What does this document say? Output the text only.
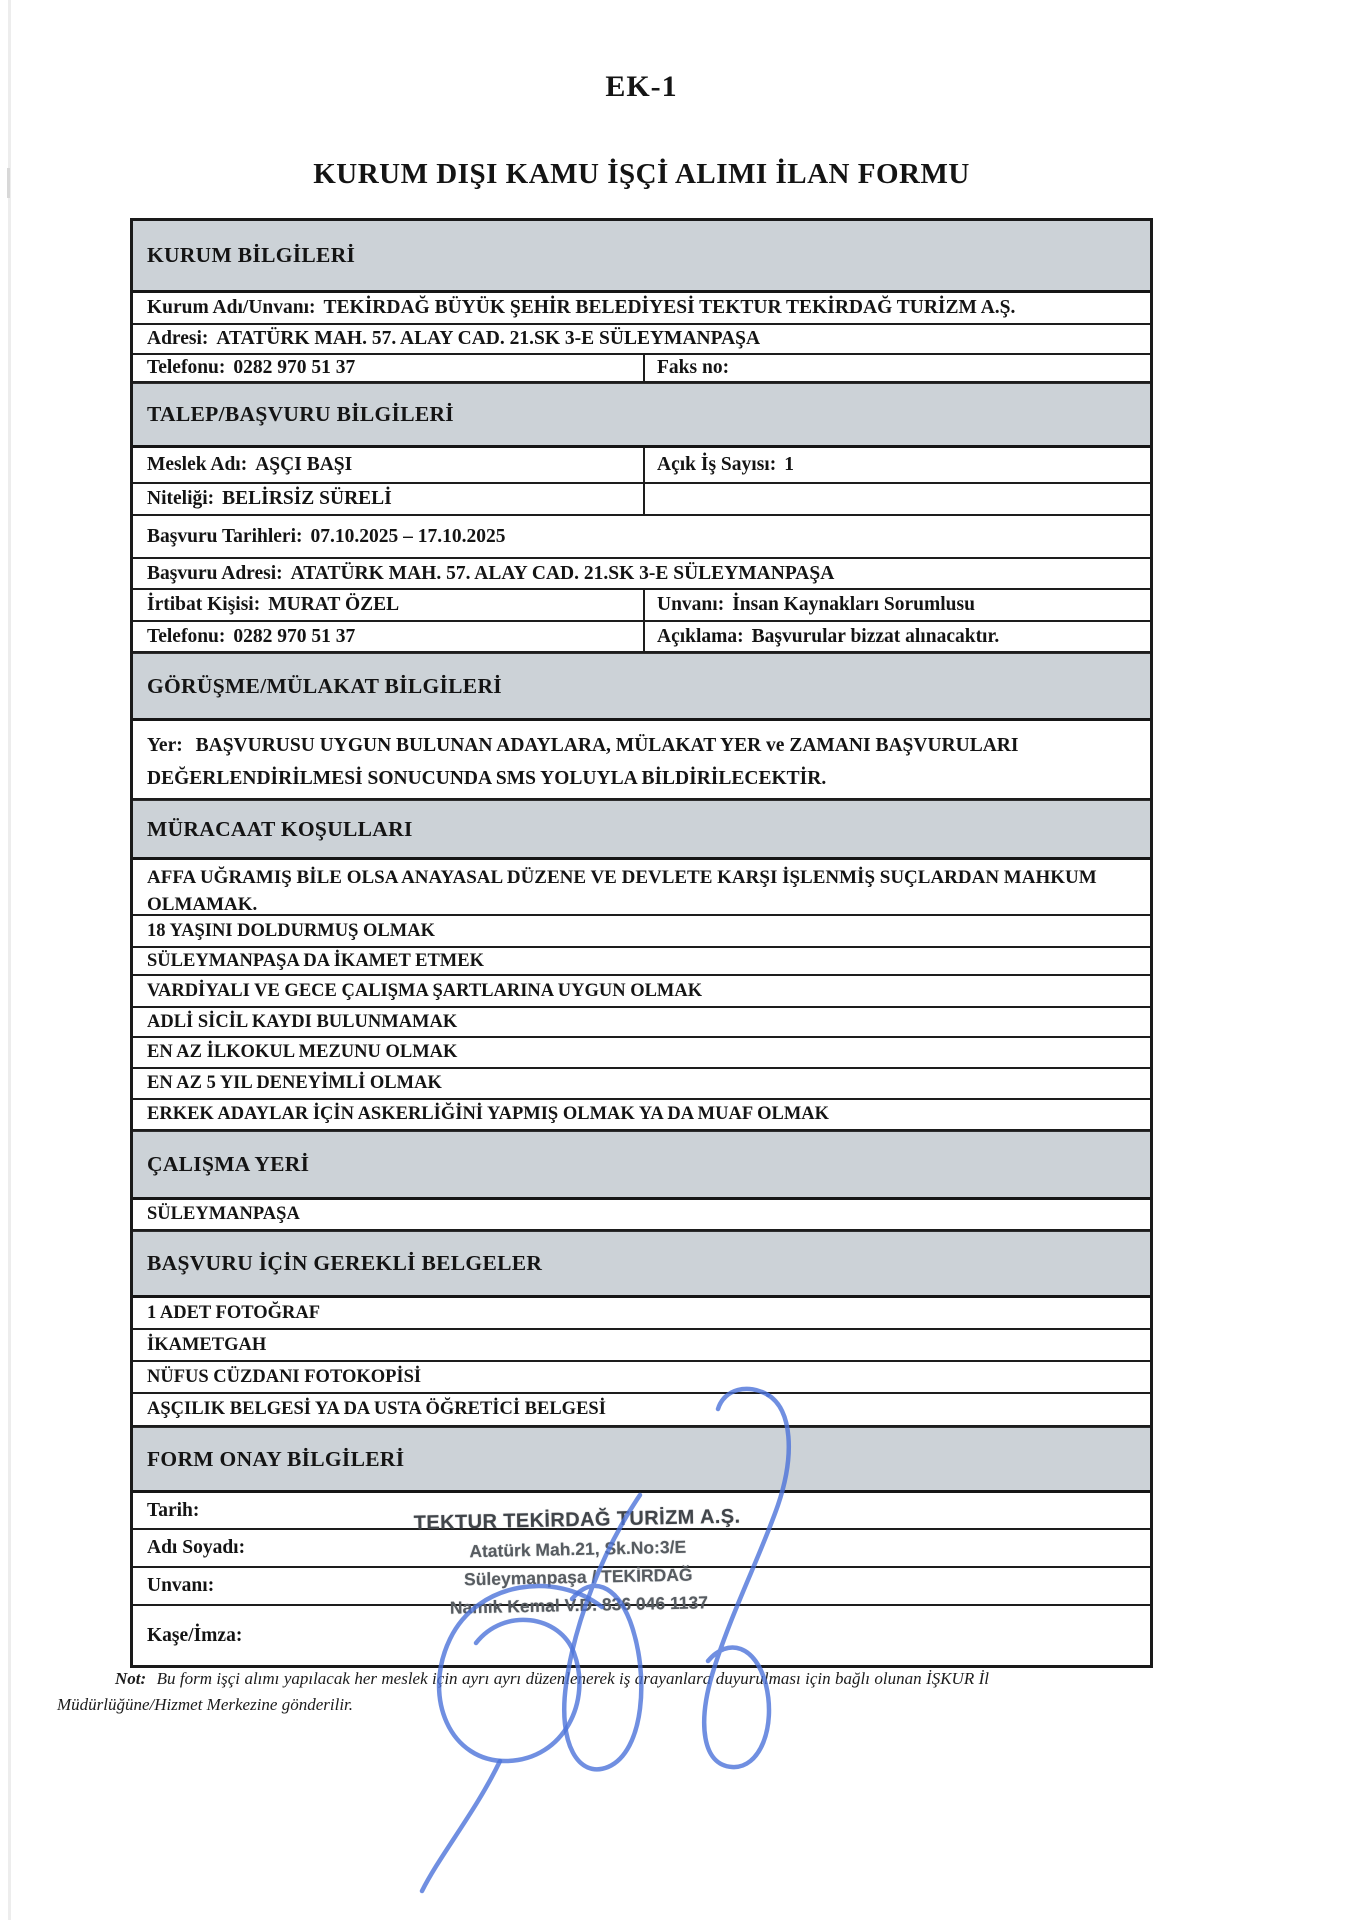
EK-1
KURUM DIŞI KAMU İŞÇİ ALIMI İLAN FORMU
KURUM BİLGİLERİ
Kurum Adı/Unvanı: TEKİRDAĞ BÜYÜK ŞEHİR BELEDİYESİ TEKTUR TEKİRDAĞ TURİZM A.Ş.
Adresi: ATATÜRK MAH. 57. ALAY CAD. 21.SK 3-E SÜLEYMANPAŞA
Telefonu: 0282 970 51 37	Faks no:
TALEP/BAŞVURU BİLGİLERİ
Meslek Adı: AŞÇI BAŞI	Açık İş Sayısı: 1
Niteliği: BELİRSİZ SÜRELİ
Başvuru Tarihleri: 07.10.2025 – 17.10.2025
Başvuru Adresi: ATATÜRK MAH. 57. ALAY CAD. 21.SK 3-E SÜLEYMANPAŞA
İrtibat Kişisi: MURAT ÖZEL	Unvanı: İnsan Kaynakları Sorumlusu
Telefonu: 0282 970 51 37	Açıklama: Başvurular bizzat alınacaktır.
GÖRÜŞME/MÜLAKAT BİLGİLERİ
Yer: BAŞVURUSU UYGUN BULUNAN ADAYLARA, MÜLAKAT YER ve ZAMANI BAŞVURULARI DEĞERLENDİRİLMESİ SONUCUNDA SMS YOLUYLA BİLDİRİLECEKTİR.
MÜRACAAT KOŞULLARI
AFFA UĞRAMIŞ BİLE OLSA ANAYASAL DÜZENE VE DEVLETE KARŞI İŞLENMİŞ SUÇLARDAN MAHKUM OLMAMAK.
18 YAŞINI DOLDURMUŞ OLMAK
SÜLEYMANPAŞA DA İKAMET ETMEK
VARDİYALI VE GECE ÇALIŞMA ŞARTLARINA UYGUN OLMAK
ADLİ SİCİL KAYDI BULUNMAMAK
EN AZ İLKOKUL MEZUNU OLMAK
EN AZ 5 YIL DENEYİMLİ OLMAK
ERKEK ADAYLAR İÇİN ASKERLİĞİNİ YAPMIŞ OLMAK YA DA MUAF OLMAK
ÇALIŞMA YERİ
SÜLEYMANPAŞA
BAŞVURU İÇİN GEREKLİ BELGELER
1 ADET FOTOĞRAF
İKAMETGAH
NÜFUS CÜZDANI FOTOKOPİSİ
AŞÇILIK BELGESİ YA DA USTA ÖĞRETİCİ BELGESİ
FORM ONAY BİLGİLERİ
Tarih:
Adı Soyadı:
Unvanı:
Kaşe/İmza:
TEKTUR TEKİRDAĞ TURİZM A.Ş.
Atatürk Mah.21, Sk.No:3/E
Süleymanpaşa / TEKİRDAĞ
Namık Kemal V.D. 836 046 1137

Not: Bu form işçi alımı yapılacak her meslek için ayrı ayrı düzenlenerek iş arayanlara duyurulması için bağlı olunan İŞKUR İl Müdürlüğüne/Hizmet Merkezine gönderilir.
